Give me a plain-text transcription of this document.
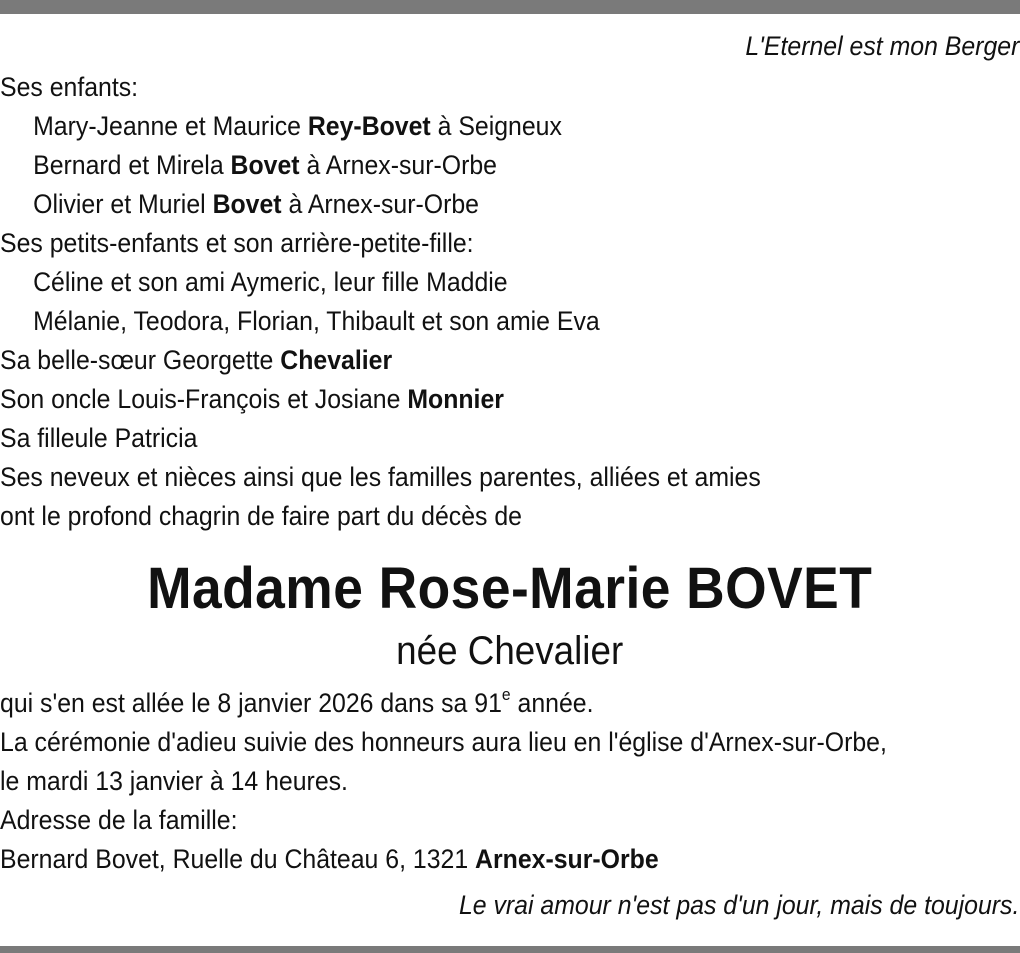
L'Eternel est mon Berger
Ses enfants:
Mary-Jeanne et Maurice Rey-Bovet à Seigneux
Bernard et Mirela Bovet à Arnex-sur-Orbe
Olivier et Muriel Bovet à Arnex-sur-Orbe
Ses petits-enfants et son arrière-petite-fille:
Céline et son ami Aymeric, leur fille Maddie
Mélanie, Teodora, Florian, Thibault et son amie Eva
Sa belle-sœur Georgette Chevalier
Son oncle Louis-François et Josiane Monnier
Sa filleule Patricia
Ses neveux et nièces ainsi que les familles parentes, alliées et amies
ont le profond chagrin de faire part du décès de
Madame Rose-Marie BOVET
née Chevalier
qui s'en est allée le 8 janvier 2026 dans sa 91e année.
La cérémonie d'adieu suivie des honneurs aura lieu en l'église d'Arnex-sur-Orbe,
le mardi 13 janvier à 14 heures.
Adresse de la famille:
Bernard Bovet, Ruelle du Château 6, 1321 Arnex-sur-Orbe
Le vrai amour n'est pas d'un jour, mais de toujours.
